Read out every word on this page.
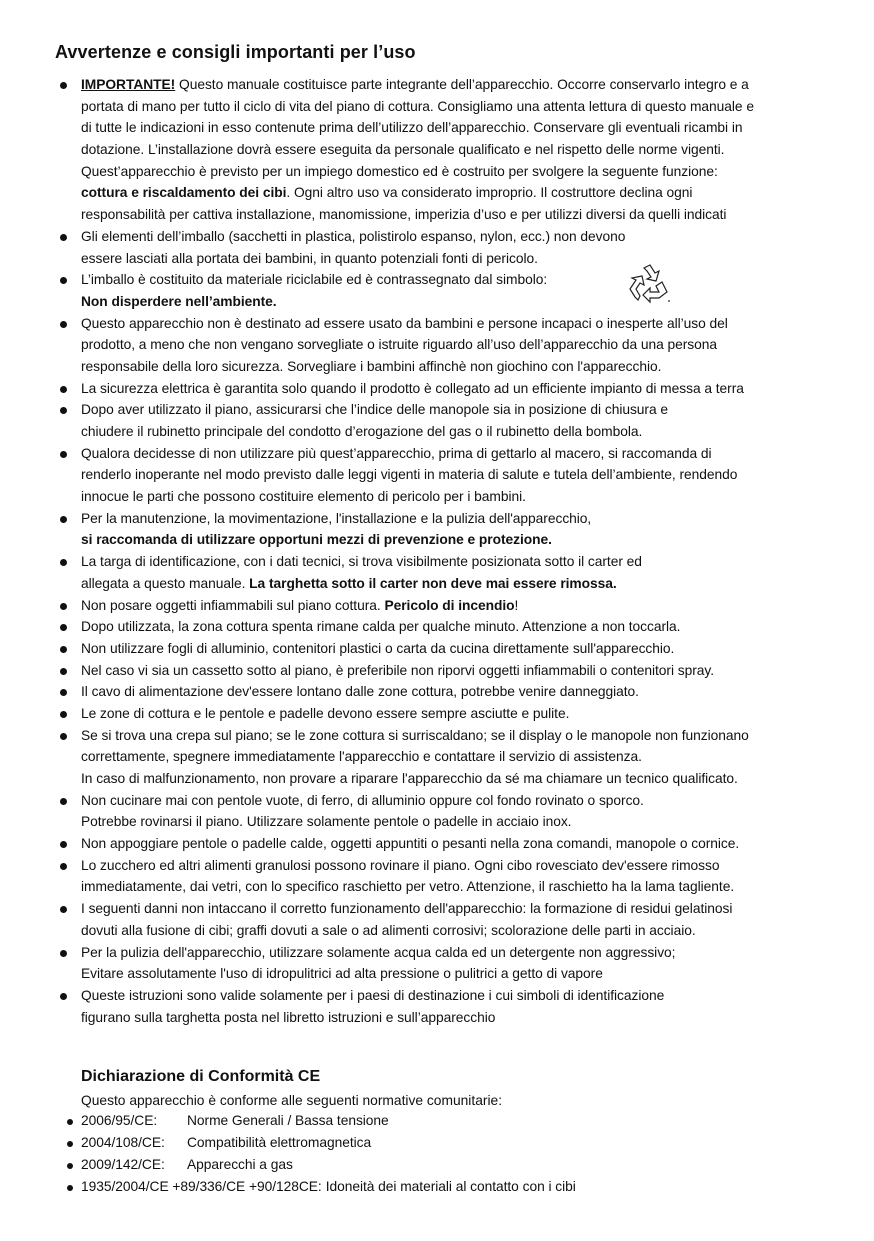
Avvertenze e consigli importanti per l’uso
IMPORTANTE! Questo manuale costituisce parte integrante dell’apparecchio. Occorre conservarlo integro e a
portata di mano per tutto il ciclo di vita del piano di cottura. Consigliamo una attenta lettura di questo manuale e
di tutte le indicazioni in esso contenute prima dell’utilizzo dell’apparecchio. Conservare gli eventuali ricambi in
dotazione. L’installazione dovrà essere eseguita da personale qualificato e nel rispetto delle norme vigenti.
Quest’apparecchio è previsto per un impiego domestico ed è costruito per svolgere la seguente funzione:
cottura e riscaldamento dei cibi. Ogni altro uso va considerato improprio. Il costruttore declina ogni
responsabilità per cattiva installazione, manomissione, imperizia d’uso e per utilizzi diversi da quelli indicati
Gli elementi dell’imballo (sacchetti in plastica, polistirolo espanso, nylon, ecc.) non devono
essere lasciati alla portata dei bambini, in quanto potenziali fonti di pericolo.
L’imballo è costituito da materiale riciclabile ed è contrassegnato dal simbolo:
Non disperdere nell’ambiente.
Questo apparecchio non è destinato ad essere usato da bambini e persone incapaci o inesperte all’uso del
prodotto, a meno che non vengano sorvegliate o istruite riguardo all’uso dell’apparecchio da una persona
responsabile della loro sicurezza. Sorvegliare i bambini affinchè non giochino con l'apparecchio.
La sicurezza elettrica è garantita solo quando il prodotto è collegato ad un efficiente impianto di messa a terra
Dopo aver utilizzato il piano, assicurarsi che l’indice delle manopole sia in posizione di chiusura e
chiudere il rubinetto principale del condotto d’erogazione del gas o il rubinetto della bombola.
Qualora decidesse di non utilizzare più quest’apparecchio, prima di gettarlo al macero, si raccomanda di
renderlo inoperante nel modo previsto dalle leggi vigenti in materia di salute e tutela dell’ambiente, rendendo
innocue le parti che possono costituire elemento di pericolo per i bambini.
Per la manutenzione, la movimentazione, l'installazione e la pulizia dell'apparecchio,
si raccomanda di utilizzare opportuni mezzi di prevenzione e protezione.
La targa di identificazione, con i dati tecnici, si trova visibilmente posizionata sotto il carter ed
allegata a questo manuale. La targhetta sotto il carter non deve mai essere rimossa.
Non posare oggetti infiammabili sul piano cottura. Pericolo di incendio!
Dopo utilizzata, la zona cottura spenta rimane calda per qualche minuto. Attenzione a non toccarla.
Non utilizzare fogli di alluminio, contenitori plastici o carta da cucina direttamente sull'apparecchio.
Nel caso vi sia un cassetto sotto al piano, è preferibile non riporvi oggetti infiammabili o contenitori spray.
Il cavo di alimentazione dev'essere lontano dalle zone cottura, potrebbe venire danneggiato.
Le zone di cottura e le pentole e padelle devono essere sempre asciutte e pulite.
Se si trova una crepa sul piano; se le zone cottura si surriscaldano; se il display o le manopole non funzionano
correttamente, spegnere immediatamente l'apparecchio e contattare il servizio di assistenza.
In caso di malfunzionamento, non provare a riparare l'apparecchio da sé ma chiamare un tecnico qualificato.
Non cucinare mai con pentole vuote, di ferro, di alluminio oppure col fondo rovinato o sporco.
Potrebbe rovinarsi il piano. Utilizzare solamente pentole o padelle in acciaio inox.
Non appoggiare pentole o padelle calde, oggetti appuntiti o pesanti nella zona comandi, manopole o cornice.
Lo zucchero ed altri alimenti granulosi possono rovinare il piano. Ogni cibo rovesciato dev'essere rimosso
immediatamente, dai vetri, con lo specifico raschietto per vetro. Attenzione, il raschietto ha la lama tagliente.
I seguenti danni non intaccano il corretto funzionamento dell'apparecchio: la formazione di residui gelatinosi
dovuti alla fusione di cibi; graffi dovuti a sale o ad alimenti corrosivi; scolorazione delle parti in acciaio.
Per la pulizia dell'apparecchio, utilizzare solamente acqua calda ed un detergente non aggressivo;
Evitare assolutamente l'uso di idropulitrici ad alta pressione o pulitrici a getto di vapore
Queste istruzioni sono valide solamente per i paesi di destinazione i cui simboli di identificazione
figurano sulla targhetta posta nel libretto istruzioni e sull’apparecchio
Dichiarazione di Conformità CE
Questo apparecchio è conforme alle seguenti normative comunitarie:
2006/95/CE: Norme Generali / Bassa tensione
2004/108/CE: Compatibilità elettromagnetica
2009/142/CE: Apparecchi a gas
1935/2004/CE +89/336/CE +90/128CE: Idoneità dei materiali al contatto con i cibi
